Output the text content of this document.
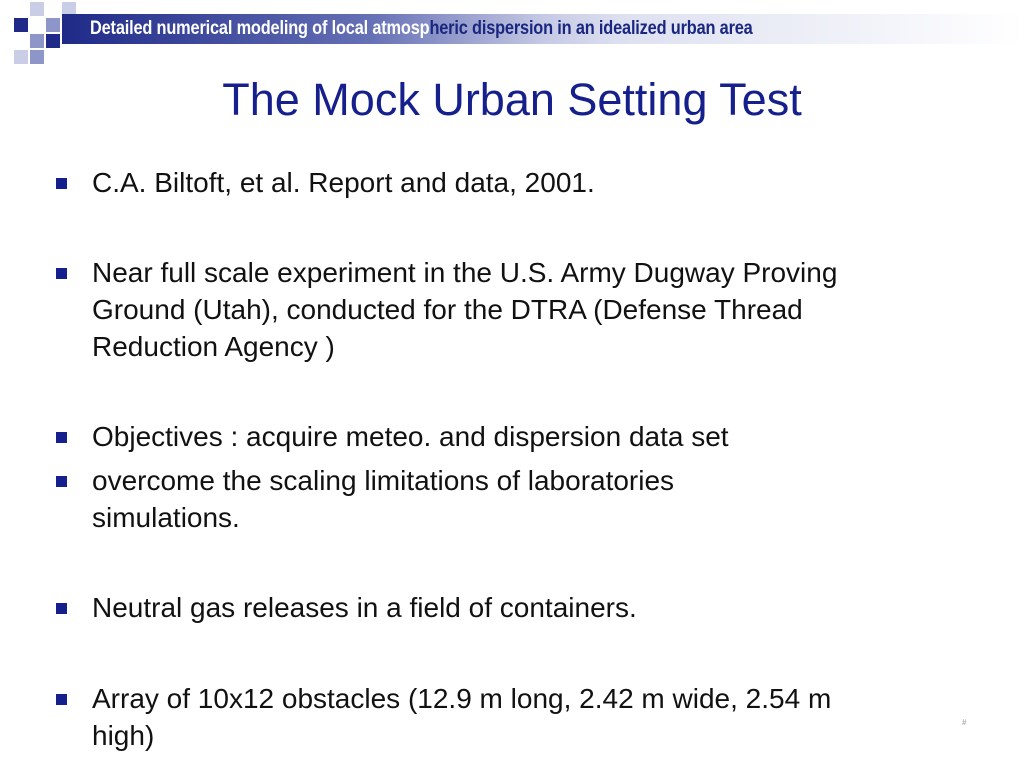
Detailed numerical modeling of local atmospheric dispersion in an idealized urban area
The Mock Urban Setting Test
C.A. Biltoft, et al. Report and data, 2001.
Near full scale experiment in the U.S. Army Dugway Proving Ground (Utah), conducted for the DTRA (Defense Thread Reduction Agency )
Objectives : acquire meteo. and dispersion data set
overcome the scaling limitations of laboratories simulations.
Neutral gas releases in a field of containers.
Array of 10x12 obstacles (12.9 m long, 2.42 m wide, 2.54 m high)	#
